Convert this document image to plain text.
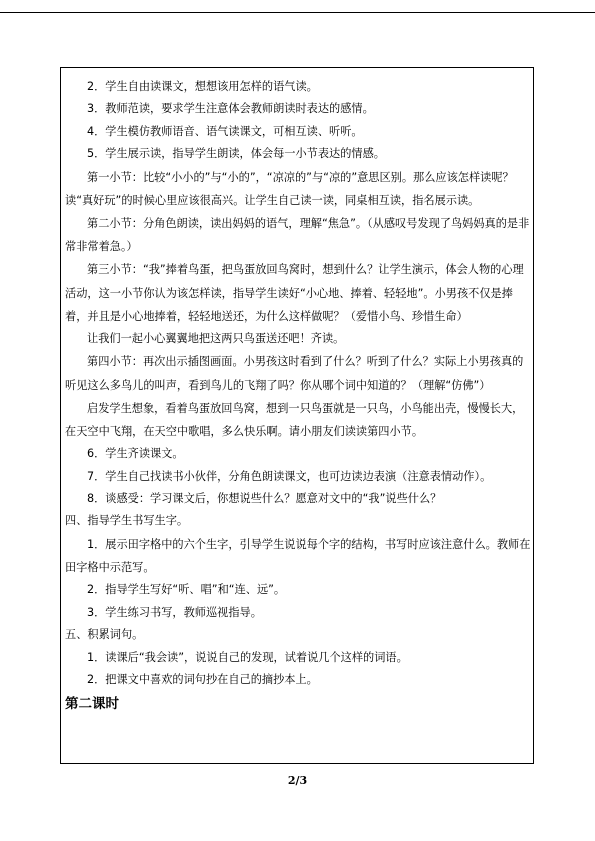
2．学生自由读课文，想想该用怎样的语气读。
3．教师范读，要求学生注意体会教师朗读时表达的感情。
4．学生模仿教师语音、语气读课文，可相互读、听听。
5．学生展示读，指导学生朗读，体会每一小节表达的情感。

第一小节：比较“小小的”与“小的”，“凉凉的”与“凉的”意思区别。那么应该怎样读呢？读“真好玩”的时候心里应该很高兴。让学生自己读一读，同桌相互读，指名展示读。

第二小节：分角色朗读，读出妈妈的语气，理解“焦急”。（从感叹号发现了鸟妈妈真的是非常非常着急。）

第三小节：“我”捧着鸟蛋，把鸟蛋放回鸟窝时，想到什么？让学生演示，体会人物的心理活动，这一小节你认为该怎样读，指导学生读好“小心地、捧着、轻轻地”。小男孩不仅是捧着，并且是小心地捧着，轻轻地送还，为什么这样做呢？（爱惜小鸟、珍惜生命）

让我们一起小心翼翼地把这两只鸟蛋送还吧！齐读。

第四小节：再次出示插图画面。小男孩这时看到了什么？听到了什么？实际上小男孩真的听见这么多鸟儿的叫声，看到鸟儿的飞翔了吗？你从哪个词中知道的？（理解“仿佛”）

启发学生想象，看着鸟蛋放回鸟窝，想到一只鸟蛋就是一只鸟，小鸟能出壳，慢慢长大，在天空中飞翔，在天空中歌唱，多么快乐啊。请小朋友们读读第四小节。

6．学生齐读课文。
7．学生自己找读书小伙伴，分角色朗读课文，也可边读边表演（注意表情动作）。
8．谈感受：学习课文后，你想说些什么？愿意对文中的“我”说些什么？
四、指导学生书写生字。

1．展示田字格中的六个生字，引导学生说说每个字的结构，书写时应该注意什么。教师在田字格中示范写。

2．指导学生写好“听、唱”和“连、远”。
3．学生练习书写，教师巡视指导。
五、积累词句。
1．读课后“我会读”，说说自己的发现，试着说几个这样的词语。
2．把课文中喜欢的词句抄在自己的摘抄本上。
第二课时
2/3
